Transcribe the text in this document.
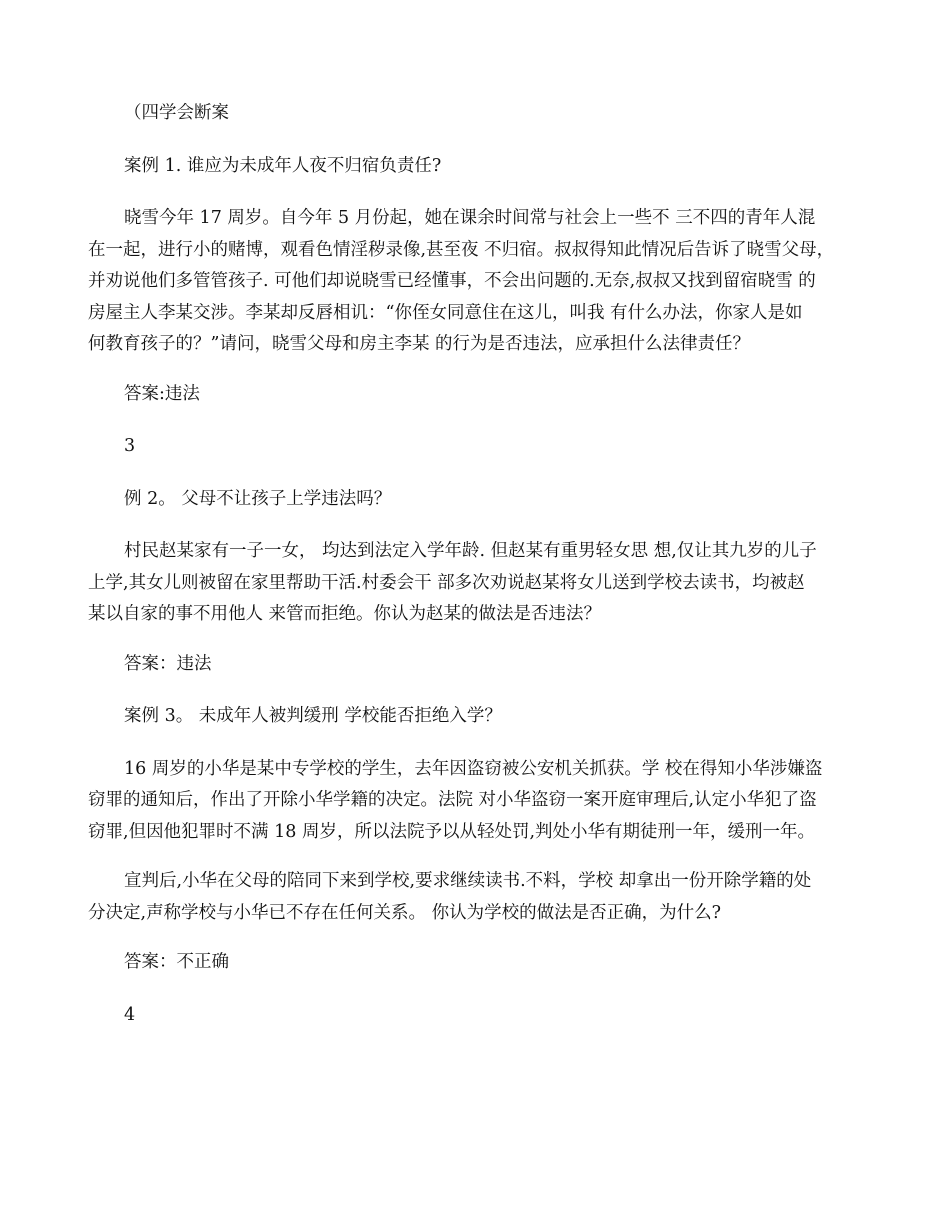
（四学会断案

案例 1. 谁应为未成年人夜不归宿负责任?

晓雪今年 17 周岁。自今年 5 月份起，她在课余时间常与社会上一些不 三不四的青年人混
在一起，进行小的赌博，观看色情淫秽录像,甚至夜 不归宿。叔叔得知此情况后告诉了晓雪父母，
并劝说他们多管管孩子. 可他们却说晓雪已经懂事，不会出问题的.无奈,叔叔又找到留宿晓雪 的
房屋主人李某交涉。李某却反唇相讥：“你侄女同意住在这儿，叫我 有什么办法，你家人是如
何教育孩子的？”请问，晓雪父母和房主李某 的行为是否违法，应承担什么法律责任？

答案:违法

3

例 2。 父母不让孩子上学违法吗？

村民赵某家有一子一女， 均达到法定入学年龄. 但赵某有重男轻女思 想,仅让其九岁的儿子
上学,其女儿则被留在家里帮助干活.村委会干 部多次劝说赵某将女儿送到学校去读书，均被赵
某以自家的事不用他人 来管而拒绝。你认为赵某的做法是否违法？

答案：违法

案例 3。 未成年人被判缓刑 学校能否拒绝入学？

16 周岁的小华是某中专学校的学生，去年因盗窃被公安机关抓获。学 校在得知小华涉嫌盗
窃罪的通知后，作出了开除小华学籍的决定。法院 对小华盗窃一案开庭审理后,认定小华犯了盗
窃罪,但因他犯罪时不满 18 周岁，所以法院予以从轻处罚,判处小华有期徒刑一年，缓刑一年。

宣判后,小华在父母的陪同下来到学校,要求继续读书.不料，学校 却拿出一份开除学籍的处
分决定,声称学校与小华已不存在任何关系。 你认为学校的做法是否正确，为什么?

答案：不正确

4
